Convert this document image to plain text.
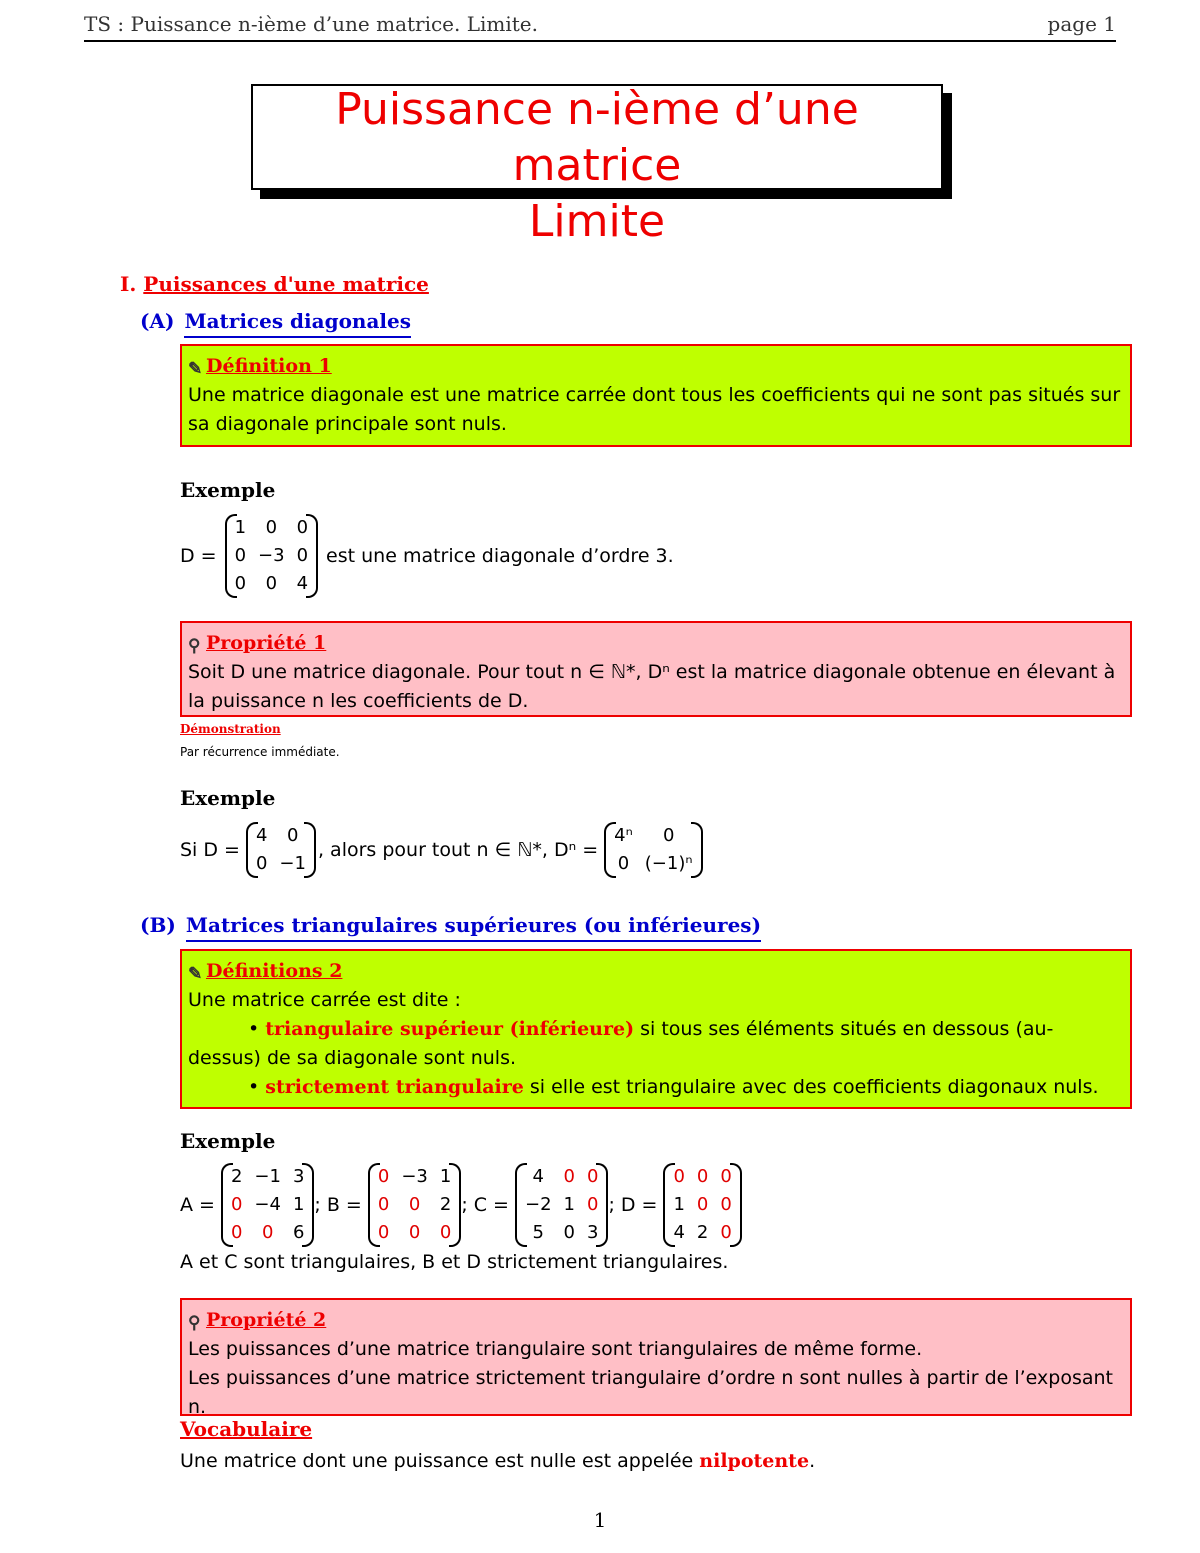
TS : Puissance n-ième d’une matrice. Limite.	page 1
Puissance n-ième d’une matrice
Limite
I. Puissances d'une matrice
(A) Matrices diagonales
✎ Définition 1
Une matrice diagonale est une matrice carrée dont tous les coefficients qui ne sont pas situés sur sa diagonale principale sont nuls.
Exemple
D =
1	0	0
0	−3	0
0	0	4
est une matrice diagonale d’ordre 3.
⚲ Propriété 1
Soit D une matrice diagonale. Pour tout n ∈ ℕ*, Dⁿ est la matrice diagonale obtenue en élevant à la puissance n les coefficients de D.
Démonstration
Par récurrence immédiate.
Exemple
Si D =
4	0
0	−1
, alors pour tout n ∈ ℕ*, Dⁿ =
4ⁿ	0
0	(−1)ⁿ
(B) Matrices triangulaires supérieures (ou inférieures)
✎ Définitions 2
Une matrice carrée est dite :
• triangulaire supérieur (inférieure) si tous ses éléments situés en dessous (au-dessus) de sa diagonale sont nuls.
• strictement triangulaire si elle est triangulaire avec des coefficients diagonaux nuls.
Exemple
A =
2	−1	3
0	−4	1
0	0	6
; B =
0	−3	1
0	0	2
0	0	0
; C =
4	0	0
−2	1	0
5	0	3
; D =
0	0	0
1	0	0
4	2	0
A et C sont triangulaires, B et D strictement triangulaires.
⚲ Propriété 2
Les puissances d’une matrice triangulaire sont triangulaires de même forme.
Les puissances d’une matrice strictement triangulaire d’ordre n sont nulles à partir de l’exposant n.
Vocabulaire
Une matrice dont une puissance est nulle est appelée nilpotente.
1
